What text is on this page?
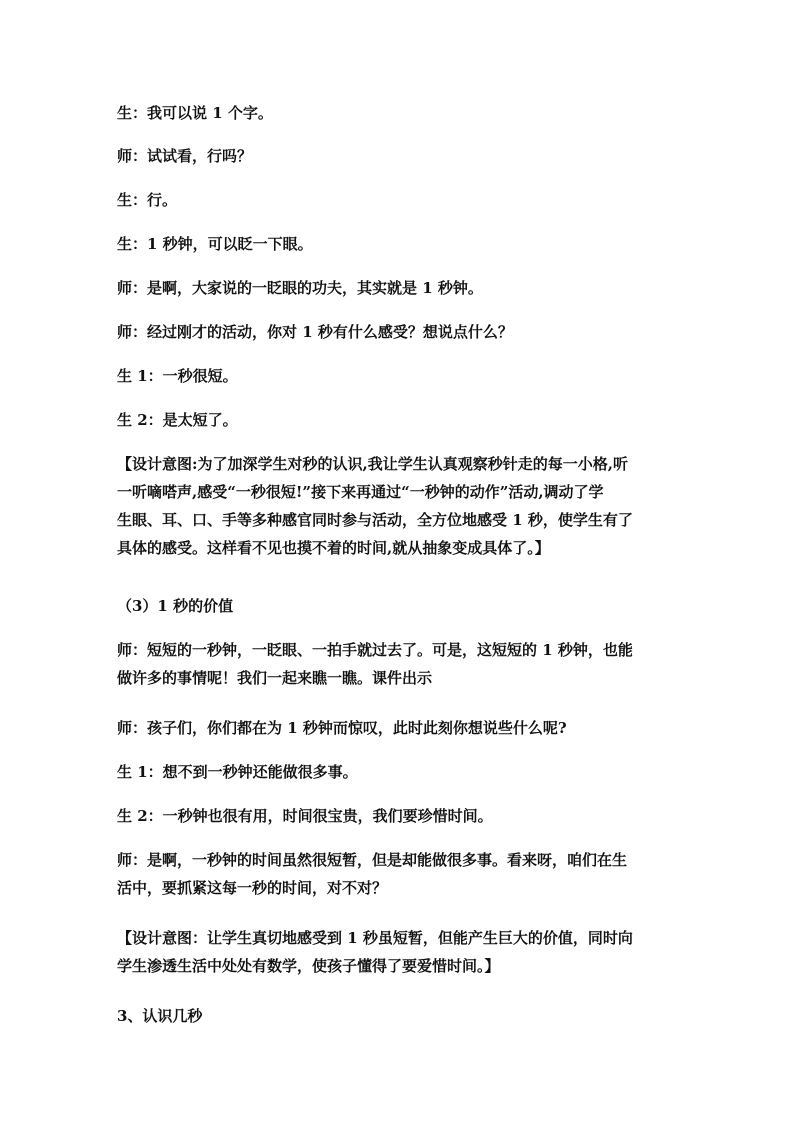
生：我可以说 1 个字。

师：试试看，行吗？

生：行。

生：1 秒钟，可以眨一下眼。

师：是啊，大家说的一眨眼的功夫，其实就是 1 秒钟。

师：经过刚才的活动，你对 1 秒有什么感受？想说点什么？

生 1：一秒很短。

生 2：是太短了。

【设计意图:为了加深学生对秒的认识,我让学生认真观察秒针走的每一小格,听
一听嘀嗒声,感受“一秒很短!”接下来再通过“一秒钟的动作”活动,调动了学
生眼、耳、口、手等多种感官同时参与活动，全方位地感受 1 秒，使学生有了
具体的感受。这样看不见也摸不着的时间,就从抽象变成具体了。】

（3）1 秒的价值

师：短短的一秒钟，一眨眼、一拍手就过去了。可是，这短短的 1 秒钟，也能
做许多的事情呢！我们一起来瞧一瞧。课件出示

师：孩子们，你们都在为 1 秒钟而惊叹，此时此刻你想说些什么呢?

生 1：想不到一秒钟还能做很多事。

生 2：一秒钟也很有用，时间很宝贵，我们要珍惜时间。

师：是啊，一秒钟的时间虽然很短暂，但是却能做很多事。看来呀，咱们在生
活中，要抓紧这每一秒的时间，对不对？

【设计意图：让学生真切地感受到 1 秒虽短暂，但能产生巨大的价值，同时向
学生渗透生活中处处有数学，使孩子懂得了要爱惜时间。】

3、认识几秒
